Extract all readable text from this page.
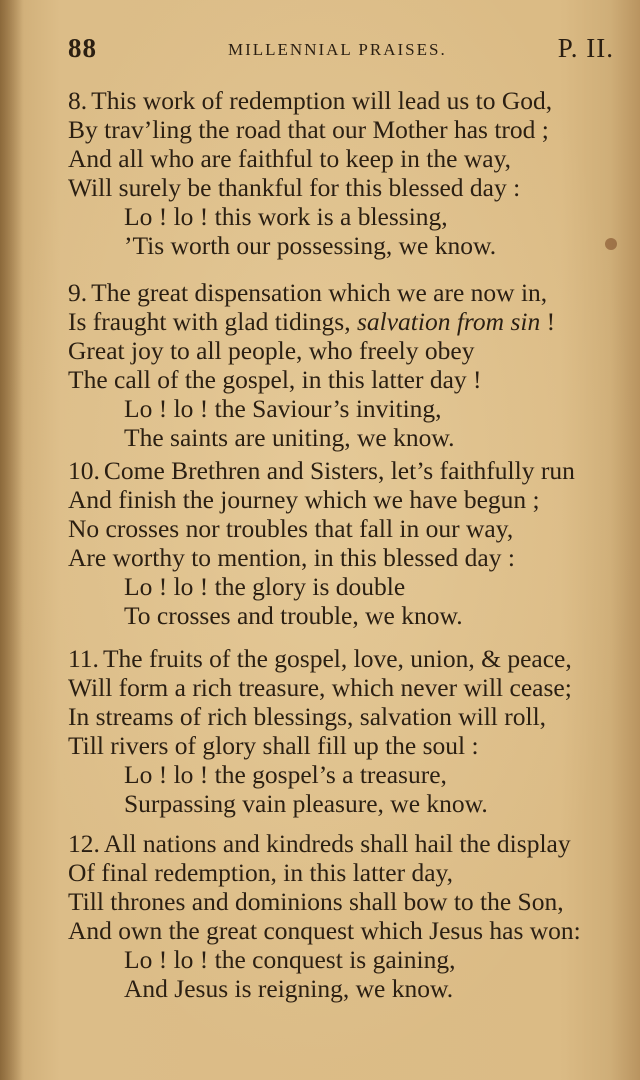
88	MILLENNIAL PRAISES.	P. II.
8. This work of redemption will lead us to God,
By trav’ling the road that our Mother has trod ;
And all who are faithful to keep in the way,
Will surely be thankful for this blessed day :
Lo ! lo ! this work is a blessing,
’Tis worth our possessing, we know.
9. The great dispensation which we are now in,
Is fraught with glad tidings, salvation from sin !
Great joy to all people, who freely obey
The call of the gospel, in this latter day !
Lo ! lo ! the Saviour’s inviting,
The saints are uniting, we know.
10. Come Brethren and Sisters, let’s faithfully run
And finish the journey which we have begun ;
No crosses nor troubles that fall in our way,
Are worthy to mention, in this blessed day :
Lo ! lo ! the glory is double
To crosses and trouble, we know.
11. The fruits of the gospel, love, union, & peace,
Will form a rich treasure, which never will cease;
In streams of rich blessings, salvation will roll,
Till rivers of glory shall fill up the soul :
Lo ! lo ! the gospel’s a treasure,
Surpassing vain pleasure, we know.
12. All nations and kindreds shall hail the display
Of final redemption, in this latter day,
Till thrones and dominions shall bow to the Son,
And own the great conquest which Jesus has won:
Lo ! lo ! the conquest is gaining,
And Jesus is reigning, we know.
